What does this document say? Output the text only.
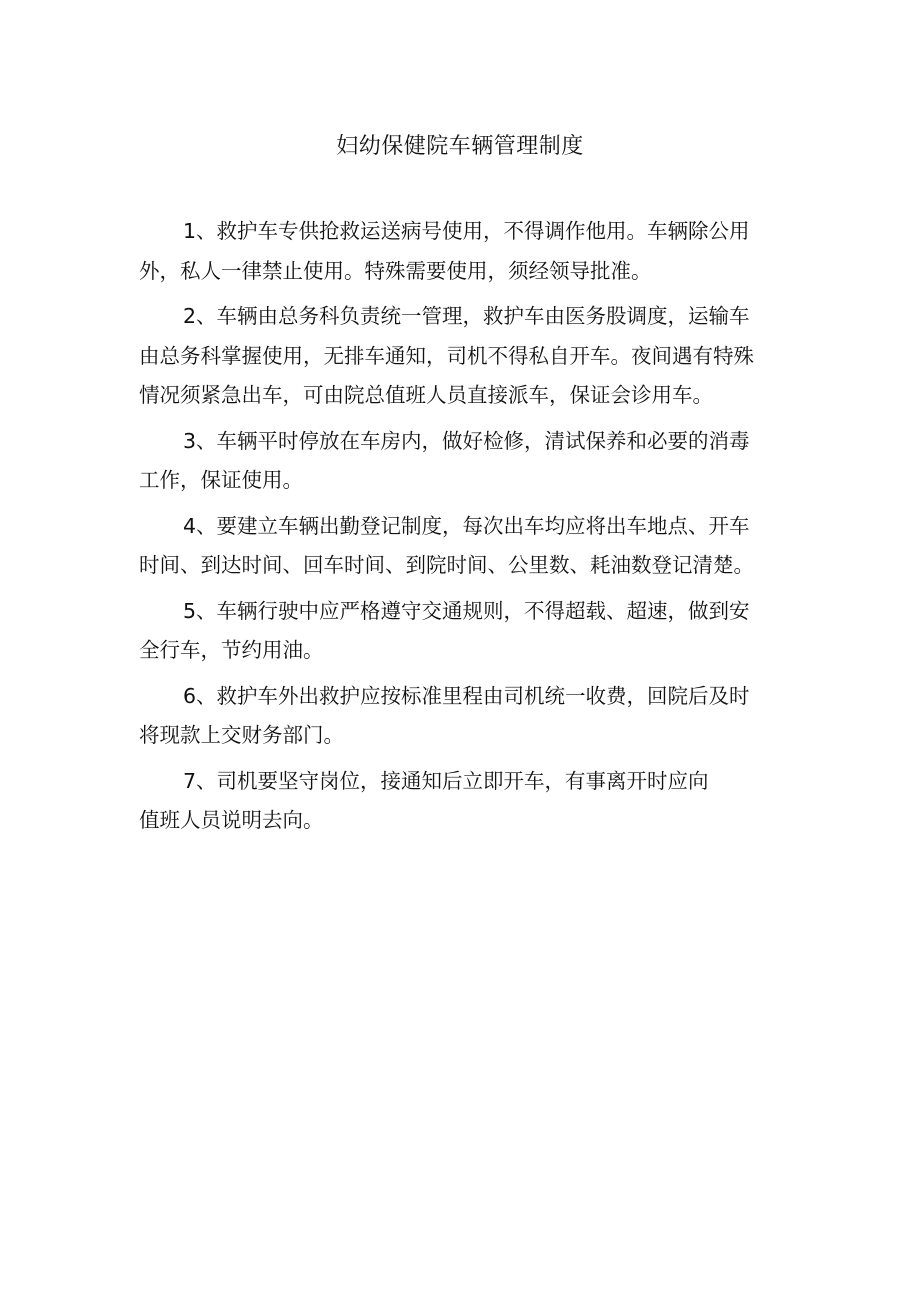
妇幼保健院车辆管理制度

1、救护车专供抢救运送病号使用，不得调作他用。车辆除公用
外，私人一律禁止使用。特殊需要使用，须经领导批准。

2、车辆由总务科负责统一管理，救护车由医务股调度，运输车
由总务科掌握使用，无排车通知，司机不得私自开车。夜间遇有特殊
情况须紧急出车，可由院总值班人员直接派车，保证会诊用车。

3、车辆平时停放在车房内，做好检修，清试保养和必要的消毒
工作，保证使用。

4、要建立车辆出勤登记制度，每次出车均应将出车地点、开车
时间、到达时间、回车时间、到院时间、公里数、耗油数登记清楚。

5、车辆行驶中应严格遵守交通规则，不得超载、超速，做到安
全行车，节约用油。

6、救护车外出救护应按标准里程由司机统一收费，回院后及时
将现款上交财务部门。

7、司机要坚守岗位，接通知后立即开车，有事离开时应向
值班人员说明去向。
